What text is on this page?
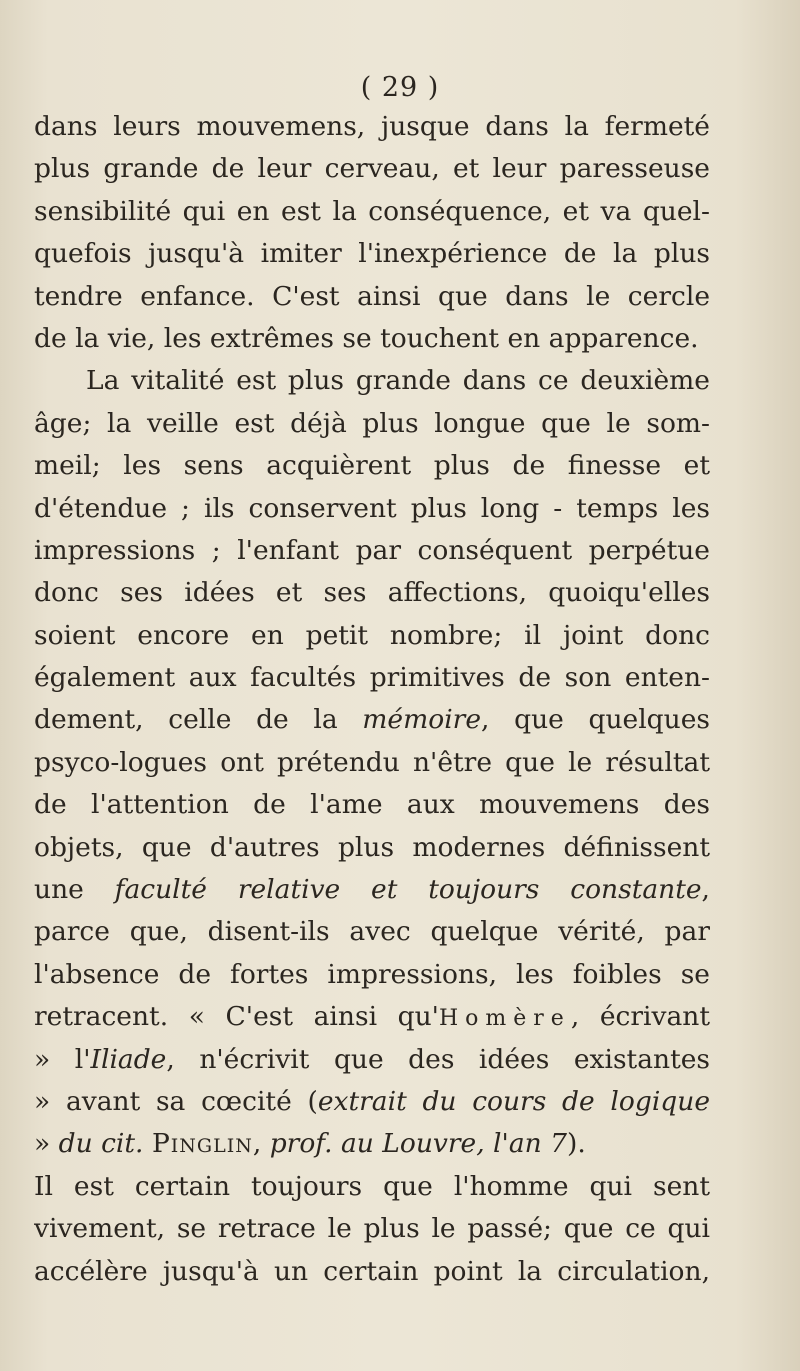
( 29 )
dans leurs mouvemens, jusque dans la fermeté
plus grande de leur cerveau, et leur paresseuse
sensibilité qui en est la conséquence, et va quel-
quefois jusqu'à imiter l'inexpérience de la plus
tendre enfance. C'est ainsi que dans le cercle
de la vie, les extrêmes se touchent en apparence.
La vitalité est plus grande dans ce deuxième
âge; la veille est déjà plus longue que le som-
meil; les sens acquièrent plus de finesse et
d'étendue ; ils conservent plus long - temps les
impressions ; l'enfant par conséquent perpétue
donc ses idées et ses affections, quoiqu'elles
soient encore en petit nombre; il joint donc
également aux facultés primitives de son enten-
dement, celle de la mémoire, que quelques
psyco-logues ont prétendu n'être que le résultat
de l'attention de l'ame aux mouvemens des
objets, que d'autres plus modernes définissent
une faculté relative et toujours constante,
parce que, disent-ils avec quelque vérité, par
l'absence de fortes impressions, les foibles se
retracent. « C'est ainsi qu'Homère, écrivant
» l'Iliade, n'écrivit que des idées existantes
» avant sa cœcité (extrait du cours de logique
» du cit. Pinglin, prof. au Louvre, l'an 7).
Il est certain toujours que l'homme qui sent
vivement, se retrace le plus le passé; que ce qui
accélère jusqu'à un certain point la circulation,
